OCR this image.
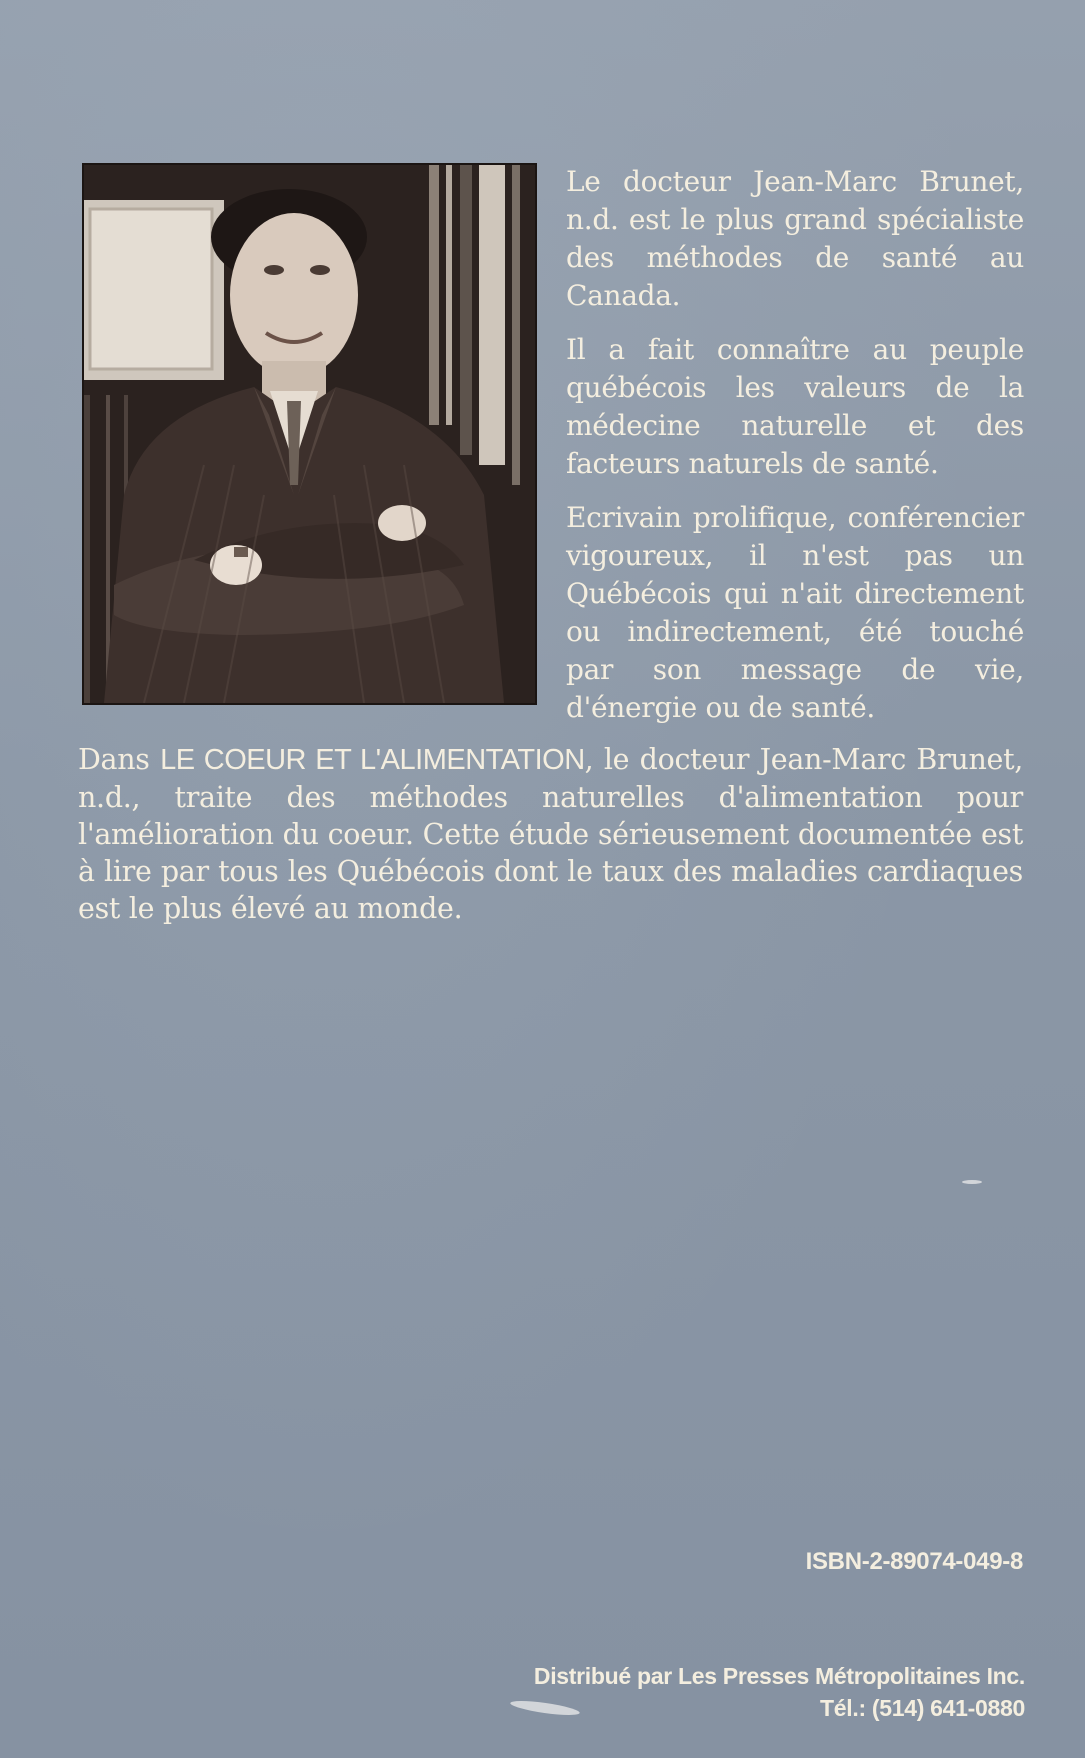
Le docteur Jean-Marc Brunet, n.d. est le plus grand spécialiste des méthodes de santé au Canada.

Il a fait connaître au peuple québécois les valeurs de la médecine naturelle et des facteurs naturels de santé.

Ecrivain prolifique, conférencier vigoureux, il n'est pas un Québécois qui n'ait directement ou indirectement, été touché par son message de vie, d'énergie ou de santé.

Dans LE COEUR ET L'ALIMENTATION, le docteur Jean-Marc Brunet, n.d., traite des méthodes naturelles d'alimentation pour l'amélioration du coeur. Cette étude sérieusement documentée est à lire par tous les Québécois dont le taux des maladies cardiaques est le plus élevé au monde.

ISBN-2-89074-049-8
Distribué par Les Presses Métropolitaines Inc.
Tél.: (514) 641-0880
